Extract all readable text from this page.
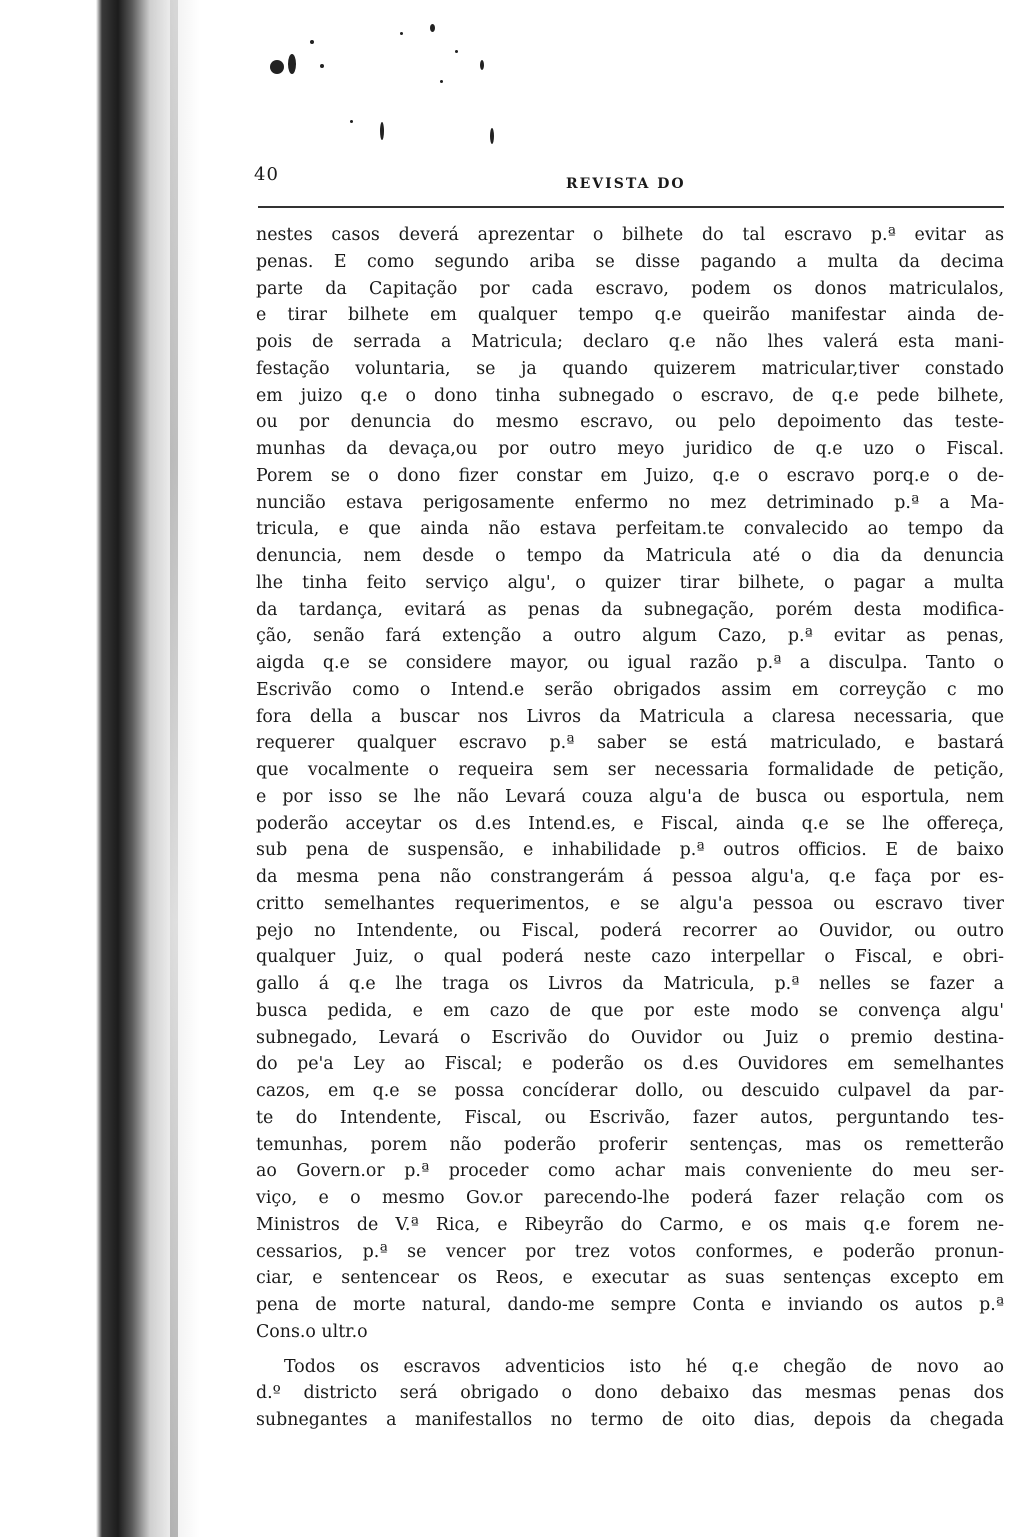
40	REVISTA DO
nestes casos deverá aprezentar o bilhete do tal escravo p.ª evitar as
penas. E como segundo ariba se disse pagando a multa da decima
parte da Capitação por cada escravo, podem os donos matriculalos,
e tirar bilhete em qualquer tempo q.e queirão manifestar ainda de-
pois de serrada a Matricula; declaro q.e não lhes valerá esta mani-
festação voluntaria, se ja quando quizerem matricular,tiver constado
em juizo q.e o dono tinha subnegado o escravo, de q.e pede bilhete,
ou por denuncia do mesmo escravo, ou pelo depoimento das teste-
munhas da devaça,ou por outro meyo juridico de q.e uzo o Fiscal.
Porem se o dono fizer constar em Juizo, q.e o escravo porq.e o de-
nuncião estava perigosamente enfermo no mez detriminado p.ª a Ma-
tricula, e que ainda não estava perfeitam.te convalecido ao tempo da
denuncia, nem desde o tempo da Matricula até o dia da denuncia
lhe tinha feito serviço algu', o quizer tirar bilhete, o pagar a multa
da tardança, evitará as penas da subnegação, porém desta modifica-
ção, senão fará extenção a outro algum Cazo, p.ª evitar as penas,
aigda q.e se considere mayor, ou igual razão p.ª a disculpa. Tanto o
Escrivão como o Intend.e serão obrigados assim em correyção c mo
fora della a buscar nos Livros da Matricula a claresa necessaria, que
requerer qualquer escravo p.ª saber se está matriculado, e bastará
que vocalmente o requeira sem ser necessaria formalidade de petição,
e por isso se lhe não Levará couza algu'a de busca ou esportula, nem
poderão acceytar os d.es Intend.es, e Fiscal, ainda q.e se lhe offereça,
sub pena de suspensão, e inhabilidade p.ª outros officios. E de baixo
da mesma pena não constrangerám á pessoa algu'a, q.e faça por es-
critto semelhantes requerimentos, e se algu'a pessoa ou escravo tiver
pejo no Intendente, ou Fiscal, poderá recorrer ao Ouvidor, ou outro
qualquer Juiz, o qual poderá neste cazo interpellar o Fiscal, e obri-
gallo á q.e lhe traga os Livros da Matricula, p.ª nelles se fazer a
busca pedida, e em cazo de que por este modo se convença algu'
subnegado, Levará o Escrivão do Ouvidor ou Juiz o premio destina-
do pe'a Ley ao Fiscal; e poderão os d.es Ouvidores em semelhantes
cazos, em q.e se possa concíderar dollo, ou descuido culpavel da par-
te do Intendente, Fiscal, ou Escrivão, fazer autos, perguntando tes-
temunhas, porem não poderão proferir sentenças, mas os remetterão
ao Govern.or p.ª proceder como achar mais conveniente do meu ser-
viço, e o mesmo Gov.or parecendo-lhe poderá fazer relação com os
Ministros de V.ª Rica, e Ribeyrão do Carmo, e os mais q.e forem ne-
cessarios, p.ª se vencer por trez votos conformes, e poderão pronun-
ciar, e sentencear os Reos, e executar as suas sentenças excepto em
pena de morte natural, dando-me sempre Conta e inviando os autos p.ª
Cons.o ultr.o
Todos os escravos adventicios isto hé q.e chegão de novo ao
d.º districto será obrigado o dono debaixo das mesmas penas dos
subnegantes a manifestallos no termo de oito dias, depois da chegada
